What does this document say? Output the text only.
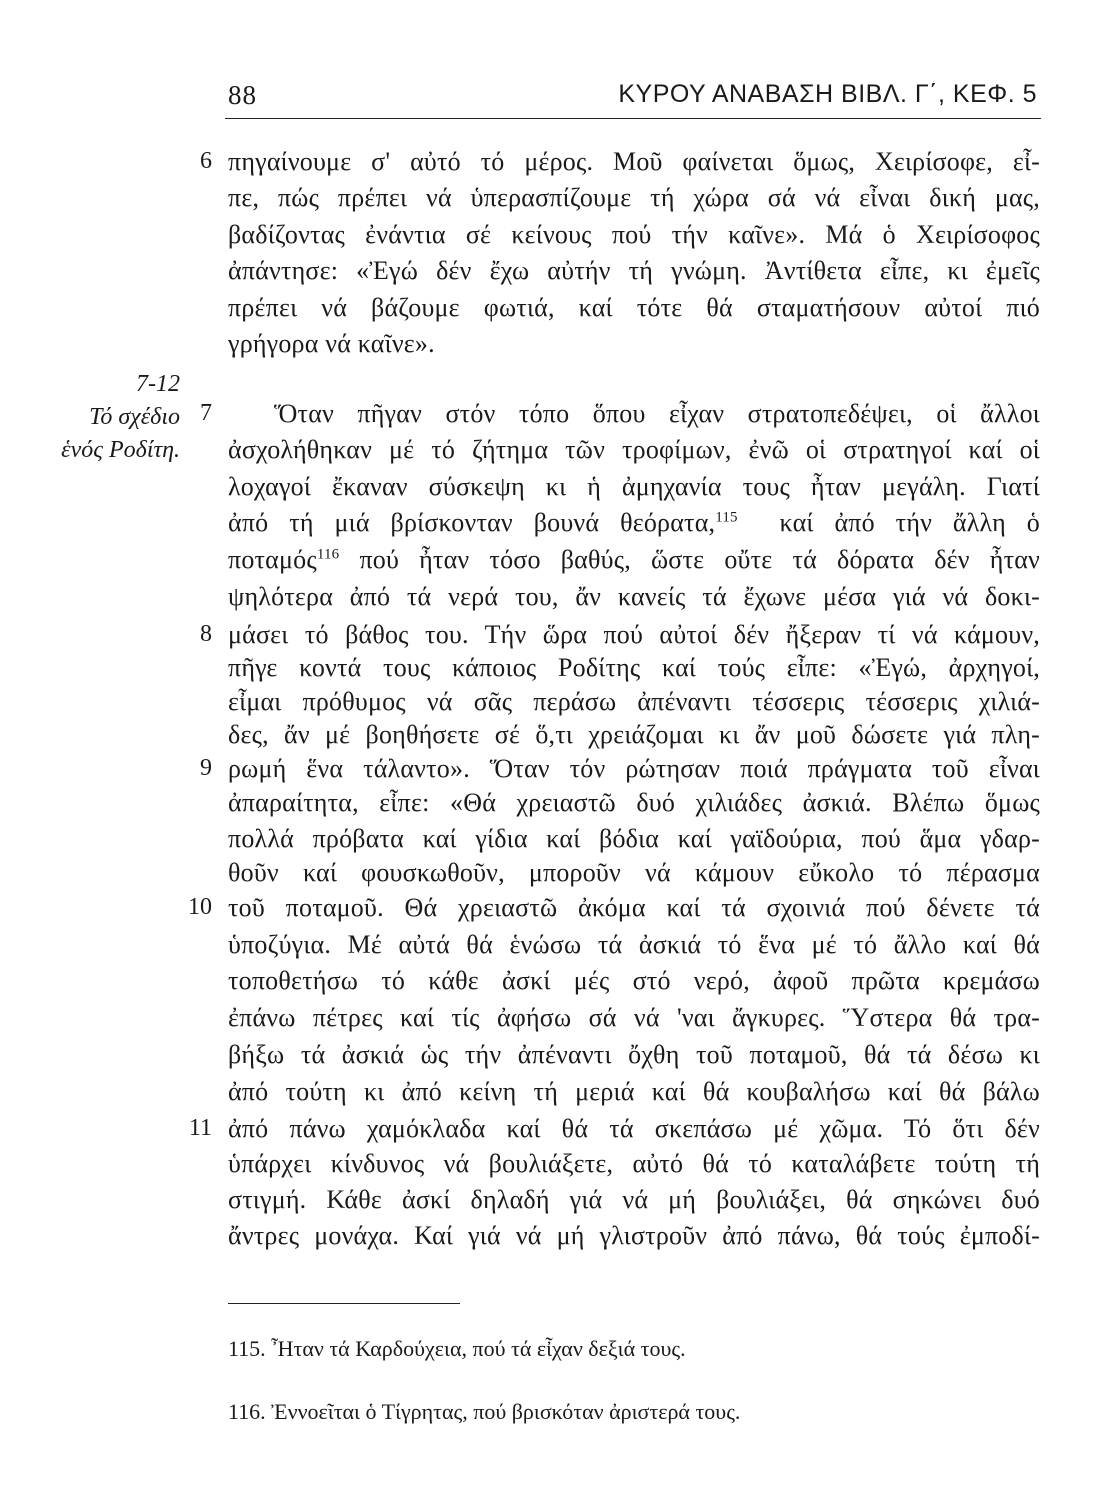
88	ΚΥΡΟΥ ΑΝΑΒΑΣΗ ΒΙΒΛ. Γ΄, ΚΕΦ. 5
7-12
Τό σχέδιο
ἑνός Ροδίτη.
6
7
8
9
10
11
πηγαίνουμε σ' αὐτό τό μέρος. Μοῦ φαίνεται ὅμως, Χειρίσοφε, εἶ-
πε, πώς πρέπει νά ὑπερασπίζουμε τή χώρα σά νά εἶναι δική μας,
βαδίζοντας ἐνάντια σέ κείνους πού τήν καῖνε». Μά ὁ Χειρίσοφος
ἀπάντησε: «Ἐγώ δέν ἔχω αὐτήν τή γνώμη. Ἀντίθετα εἶπε, κι ἐμεῖς
πρέπει νά βάζουμε φωτιά, καί τότε θά σταματήσουν αὐτοί πιό
γρήγορα νά καῖνε».
Ὅταν πῆγαν στόν τόπο ὅπου εἶχαν στρατοπεδέψει, οἱ ἄλλοι
ἀσχολήθηκαν μέ τό ζήτημα τῶν τροφίμων, ἐνῶ οἱ στρατηγοί καί οἱ
λοχαγοί ἔκαναν σύσκεψη κι ἡ ἀμηχανία τους ἦταν μεγάλη. Γιατί
ἀπό τή μιά βρίσκονταν βουνά θεόρατα,$^{115}$ καί ἀπό τήν ἄλλη ὁ
ποταμός$^{116}$ πού ἦταν τόσο βαθύς, ὥστε οὔτε τά δόρατα δέν ἦταν
ψηλότερα ἀπό τά νερά του, ἄν κανείς τά ἔχωνε μέσα γιά νά δοκι-
μάσει τό βάθος του. Τήν ὥρα πού αὐτοί δέν ἤξεραν τί νά κάμουν,
πῆγε κοντά τους κάποιος Ροδίτης καί τούς εἶπε: «Ἐγώ, ἀρχηγοί,
εἶμαι πρόθυμος νά σᾶς περάσω ἀπέναντι τέσσερις τέσσερις χιλιά-
δες, ἄν μέ βοηθήσετε σέ ὅ,τι χρειάζομαι κι ἄν μοῦ δώσετε γιά πλη-
ρωμή ἕνα τάλαντο». Ὅταν τόν ρώτησαν ποιά πράγματα τοῦ εἶναι
ἀπαραίτητα, εἶπε: «Θά χρειαστῶ δυό χιλιάδες ἀσκιά. Βλέπω ὅμως
πολλά πρόβατα καί γίδια καί βόδια καί γαϊδούρια, πού ἅμα γδαρ-
θοῦν καί φουσκωθοῦν, μποροῦν νά κάμουν εὔκολο τό πέρασμα
τοῦ ποταμοῦ. Θά χρειαστῶ ἀκόμα καί τά σχοινιά πού δένετε τά
ὑποζύγια. Μέ αὐτά θά ἑνώσω τά ἀσκιά τό ἕνα μέ τό ἄλλο καί θά
τοποθετήσω τό κάθε ἀσκί μές στό νερό, ἀφοῦ πρῶτα κρεμάσω
ἐπάνω πέτρες καί τίς ἀφήσω σά νά 'ναι ἄγκυρες. Ὕστερα θά τρα-
βήξω τά ἀσκιά ὡς τήν ἀπέναντι ὄχθη τοῦ ποταμοῦ, θά τά δέσω κι
ἀπό τούτη κι ἀπό κείνη τή μεριά καί θά κουβαλήσω καί θά βάλω
ἀπό πάνω χαμόκλαδα καί θά τά σκεπάσω μέ χῶμα. Τό ὅτι δέν
ὑπάρχει κίνδυνος νά βουλιάξετε, αὐτό θά τό καταλάβετε τούτη τή
στιγμή. Κάθε ἀσκί δηλαδή γιά νά μή βουλιάξει, θά σηκώνει δυό
ἄντρες μονάχα. Καί γιά νά μή γλιστροῦν ἀπό πάνω, θά τούς ἐμποδί-
115. Ἦταν τά Καρδούχεια, πού τά εἶχαν δεξιά τους.
116. Ἐννοεῖται ὁ Τίγρητας, πού βρισκόταν ἀριστερά τους.
